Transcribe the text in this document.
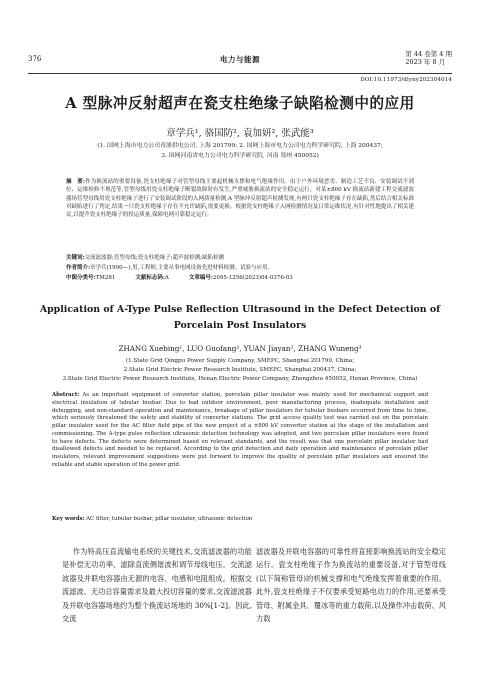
376	电力与能源
第 44 卷第 4 期
2023 年 8 月
DOI:10.11973/dlyny202304014
A 型脉冲反射超声在瓷支柱绝缘子缺陷检测中的应用
章学兵¹, 骆国防², 袁加妍², 张武能³
(1. 国网上海市电力公司青浦供电公司, 上海 201799; 2. 国网上海市电力公司电力科学研究院, 上海 200437;
3. 国网河南省电力公司电力科学研究院, 河南 郑州 450052)
摘　要:作为换流站的重要设备,瓷支柱绝缘子对管型母线主要起机械支撑和电气绝缘作用。由于户外环境恶劣、制造工艺不良、安装调试不到位、运维检修不规范等,管型母线用瓷支柱绝缘子断裂故障时有发生,严重威胁换流站的安全稳定运行。对某±800 kV 换流站新建工程交流滤波器场管型母线用瓷支柱绝缘子进行了安装调试阶段的入网质量检测,A 型脉冲反射超声检测发现,有两只瓷支柱绝缘子存在缺陷,然后结合相关标准对缺陷进行了判定,结果一只瓷支柱绝缘子存在不允许缺陷,需要更换。根据瓷支柱绝缘子入网检测情况及日常运维状况,有针对性地提出了相关建议,以提升瓷支柱绝缘子的投运质量,保障电网可靠稳定运行。
关键词:交流滤波器;管型母线;瓷支柱绝缘子;超声波检测;缺陷检测
作者简介:章学兵(1990—),男,工程师,主要从事电网设备先进材料检测、试验与应用。
中图分类号:TM281	文献标志码:A	文章编号:2095-1256(2023)04-0376-03
Application of A-Type Pulse Reflection Ultrasound in the Defect Detection of Porcelain Post Insulators
ZHANG Xuebing¹, LUO Guofang², YUAN Jiayan², ZHANG Wuneng³
(1.State Grid Qingpu Power Supply Company, SMEPC, Shanghai 201799, China;
2.State Grid Electric Power Research Institute, SMEPC, Shanghai 200437, China;
3.State Grid Electric Power Research Institute, Henan Electric Power Company, Zhengzhou 450052, Henan Province, China)
Abstract: As an important equipment of converter station, porcelain pillar insulator was mainly used for mechanical support and electrical insulation of tubular busbar. Due to bad outdoor environment, poor manufacturing process, inadequate installation and debugging, and non-standard operation and maintenance, breakage of pillar insulators for tubular busbars occurred from time to time, which seriously threatened the safety and stability of converter stations. The grid access quality test was carried out on the porcelain pillar insulator used for the AC filter field pipe of the new project of a ±800 kV converter station at the stage of the installation and commissioning. The A-type pulse reflection ultrasonic detection technology was adopted, and two porcelain pillar insulators were found to have defects. The defects were determined based on relevant standards, and the result was that one porcelain pillar insulator had disallowed defects and needed to be replaced. According to the grid detection and daily operation and maintenance of porcelain pillar insulators, relevant improvement suggestions were put forward to improve the quality of porcelain pillar insulators and ensured the reliable and stable operation of the power grid.
Key words: AC filter, tubular busbar, pillar insulator, ultrasonic detection
作为特高压直流输电系统的关键技术,交流滤波器的功能是补偿无功功率、滤除直流侧谐波和调节母线电压。交流滤波器及并联电容器由无源的电容、电感和电阻组成。根据交流滤波、无功总容量需求及最大投切容量的要求,交流滤波器及并联电容器场地约为整个换流站场地的 30%[1-2]。因此,交流
滤波器及并联电容器的可靠性将直接影响换流站的安全稳定运行。瓷支柱绝缘子作为换流站的重要设备,对于管型母线(以下简称管母)的机械支撑和电气绝缘发挥着重要的作用。此外,瓷支柱绝缘子不仅要承受短路电动力的作用,还要承受管母、附属金具、覆冰等的重力载荷,以及操作冲击载荷、风力载
